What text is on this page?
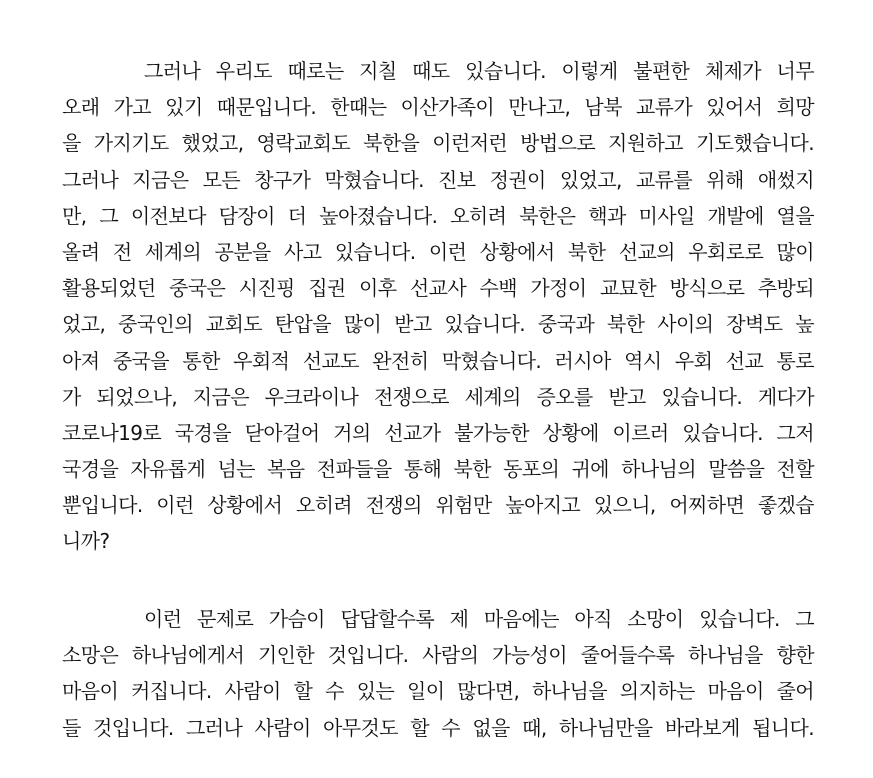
그러나 우리도 때로는 지칠 때도 있습니다. 이렇게 불편한 체제가 너무
오래 가고 있기 때문입니다. 한때는 이산가족이 만나고, 남북 교류가 있어서 희망
을 가지기도 했었고, 영락교회도 북한을 이런저런 방법으로 지원하고 기도했습니다.
그러나 지금은 모든 창구가 막혔습니다. 진보 정권이 있었고, 교류를 위해 애썼지
만, 그 이전보다 담장이 더 높아졌습니다. 오히려 북한은 핵과 미사일 개발에 열을
올려 전 세계의 공분을 사고 있습니다. 이런 상황에서 북한 선교의 우회로로 많이
활용되었던 중국은 시진핑 집권 이후 선교사 수백 가정이 교묘한 방식으로 추방되
었고, 중국인의 교회도 탄압을 많이 받고 있습니다. 중국과 북한 사이의 장벽도 높
아져 중국을 통한 우회적 선교도 완전히 막혔습니다. 러시아 역시 우회 선교 통로
가 되었으나, 지금은 우크라이나 전쟁으로 세계의 증오를 받고 있습니다. 게다가
코로나19로 국경을 닫아걸어 거의 선교가 불가능한 상황에 이르러 있습니다. 그저
국경을 자유롭게 넘는 복음 전파들을 통해 북한 동포의 귀에 하나님의 말씀을 전할
뿐입니다. 이런 상황에서 오히려 전쟁의 위험만 높아지고 있으니, 어찌하면 좋겠습
니까?
이런 문제로 가슴이 답답할수록 제 마음에는 아직 소망이 있습니다. 그
소망은 하나님에게서 기인한 것입니다. 사람의 가능성이 줄어들수록 하나님을 향한
마음이 커집니다. 사람이 할 수 있는 일이 많다면, 하나님을 의지하는 마음이 줄어
들 것입니다. 그러나 사람이 아무것도 할 수 없을 때, 하나님만을 바라보게 됩니다.
